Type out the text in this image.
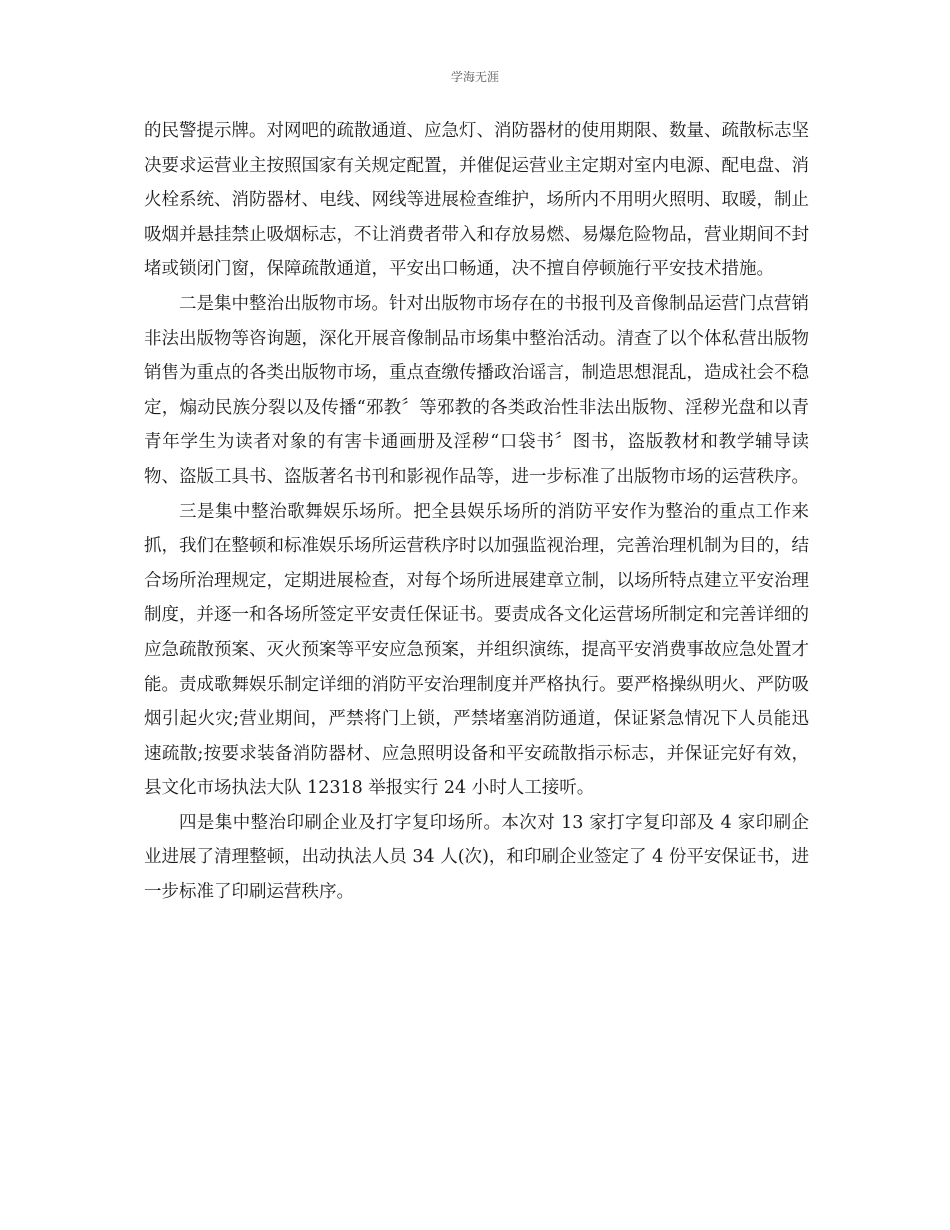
学海无涯

的民警提示牌。对网吧的疏散通道、应急灯、消防器材的使用期限、数量、疏散标志坚决要求运营业主按照国家有关规定配置，并催促运营业主定期对室内电源、配电盘、消火栓系统、消防器材、电线、网线等进展检查维护，场所内不用明火照明、取暖，制止吸烟并悬挂禁止吸烟标志，不让消费者带入和存放易燃、易爆危险物品，营业期间不封堵或锁闭门窗，保障疏散通道，平安出口畅通，决不擅自停顿施行平安技术措施。

二是集中整治出版物市场。针对出版物市场存在的书报刊及音像制品运营门点营销非法出版物等咨询题，深化开展音像制品市场集中整治活动。清查了以个体私营出版物销售为重点的各类出版物市场，重点查缴传播政治谣言，制造思想混乱，造成社会不稳定，煽动民族分裂以及传播“邪教〞等邪教的各类政治性非法出版物、淫秽光盘和以青青年学生为读者对象的有害卡通画册及淫秽“口袋书〞图书，盗版教材和教学辅导读物、盗版工具书、盗版著名书刊和影视作品等，进一步标准了出版物市场的运营秩序。

三是集中整治歌舞娱乐场所。把全县娱乐场所的消防平安作为整治的重点工作来抓，我们在整顿和标准娱乐场所运营秩序时以加强监视治理，完善治理机制为目的，结合场所治理规定，定期进展检查，对每个场所进展建章立制，以场所特点建立平安治理制度，并逐一和各场所签定平安责任保证书。要责成各文化运营场所制定和完善详细的应急疏散预案、灭火预案等平安应急预案，并组织演练，提高平安消费事故应急处置才能。责成歌舞娱乐制定详细的消防平安治理制度并严格执行。要严格操纵明火、严防吸烟引起火灾;营业期间，严禁将门上锁，严禁堵塞消防通道，保证紧急情况下人员能迅速疏散;按要求装备消防器材、应急照明设备和平安疏散指示标志，并保证完好有效，县文化市场执法大队 12318 举报实行 24 小时人工接听。

四是集中整治印刷企业及打字复印场所。本次对 13 家打字复印部及 4 家印刷企业进展了清理整顿，出动执法人员 34 人(次)，和印刷企业签定了 4 份平安保证书，进一步标准了印刷运营秩序。
